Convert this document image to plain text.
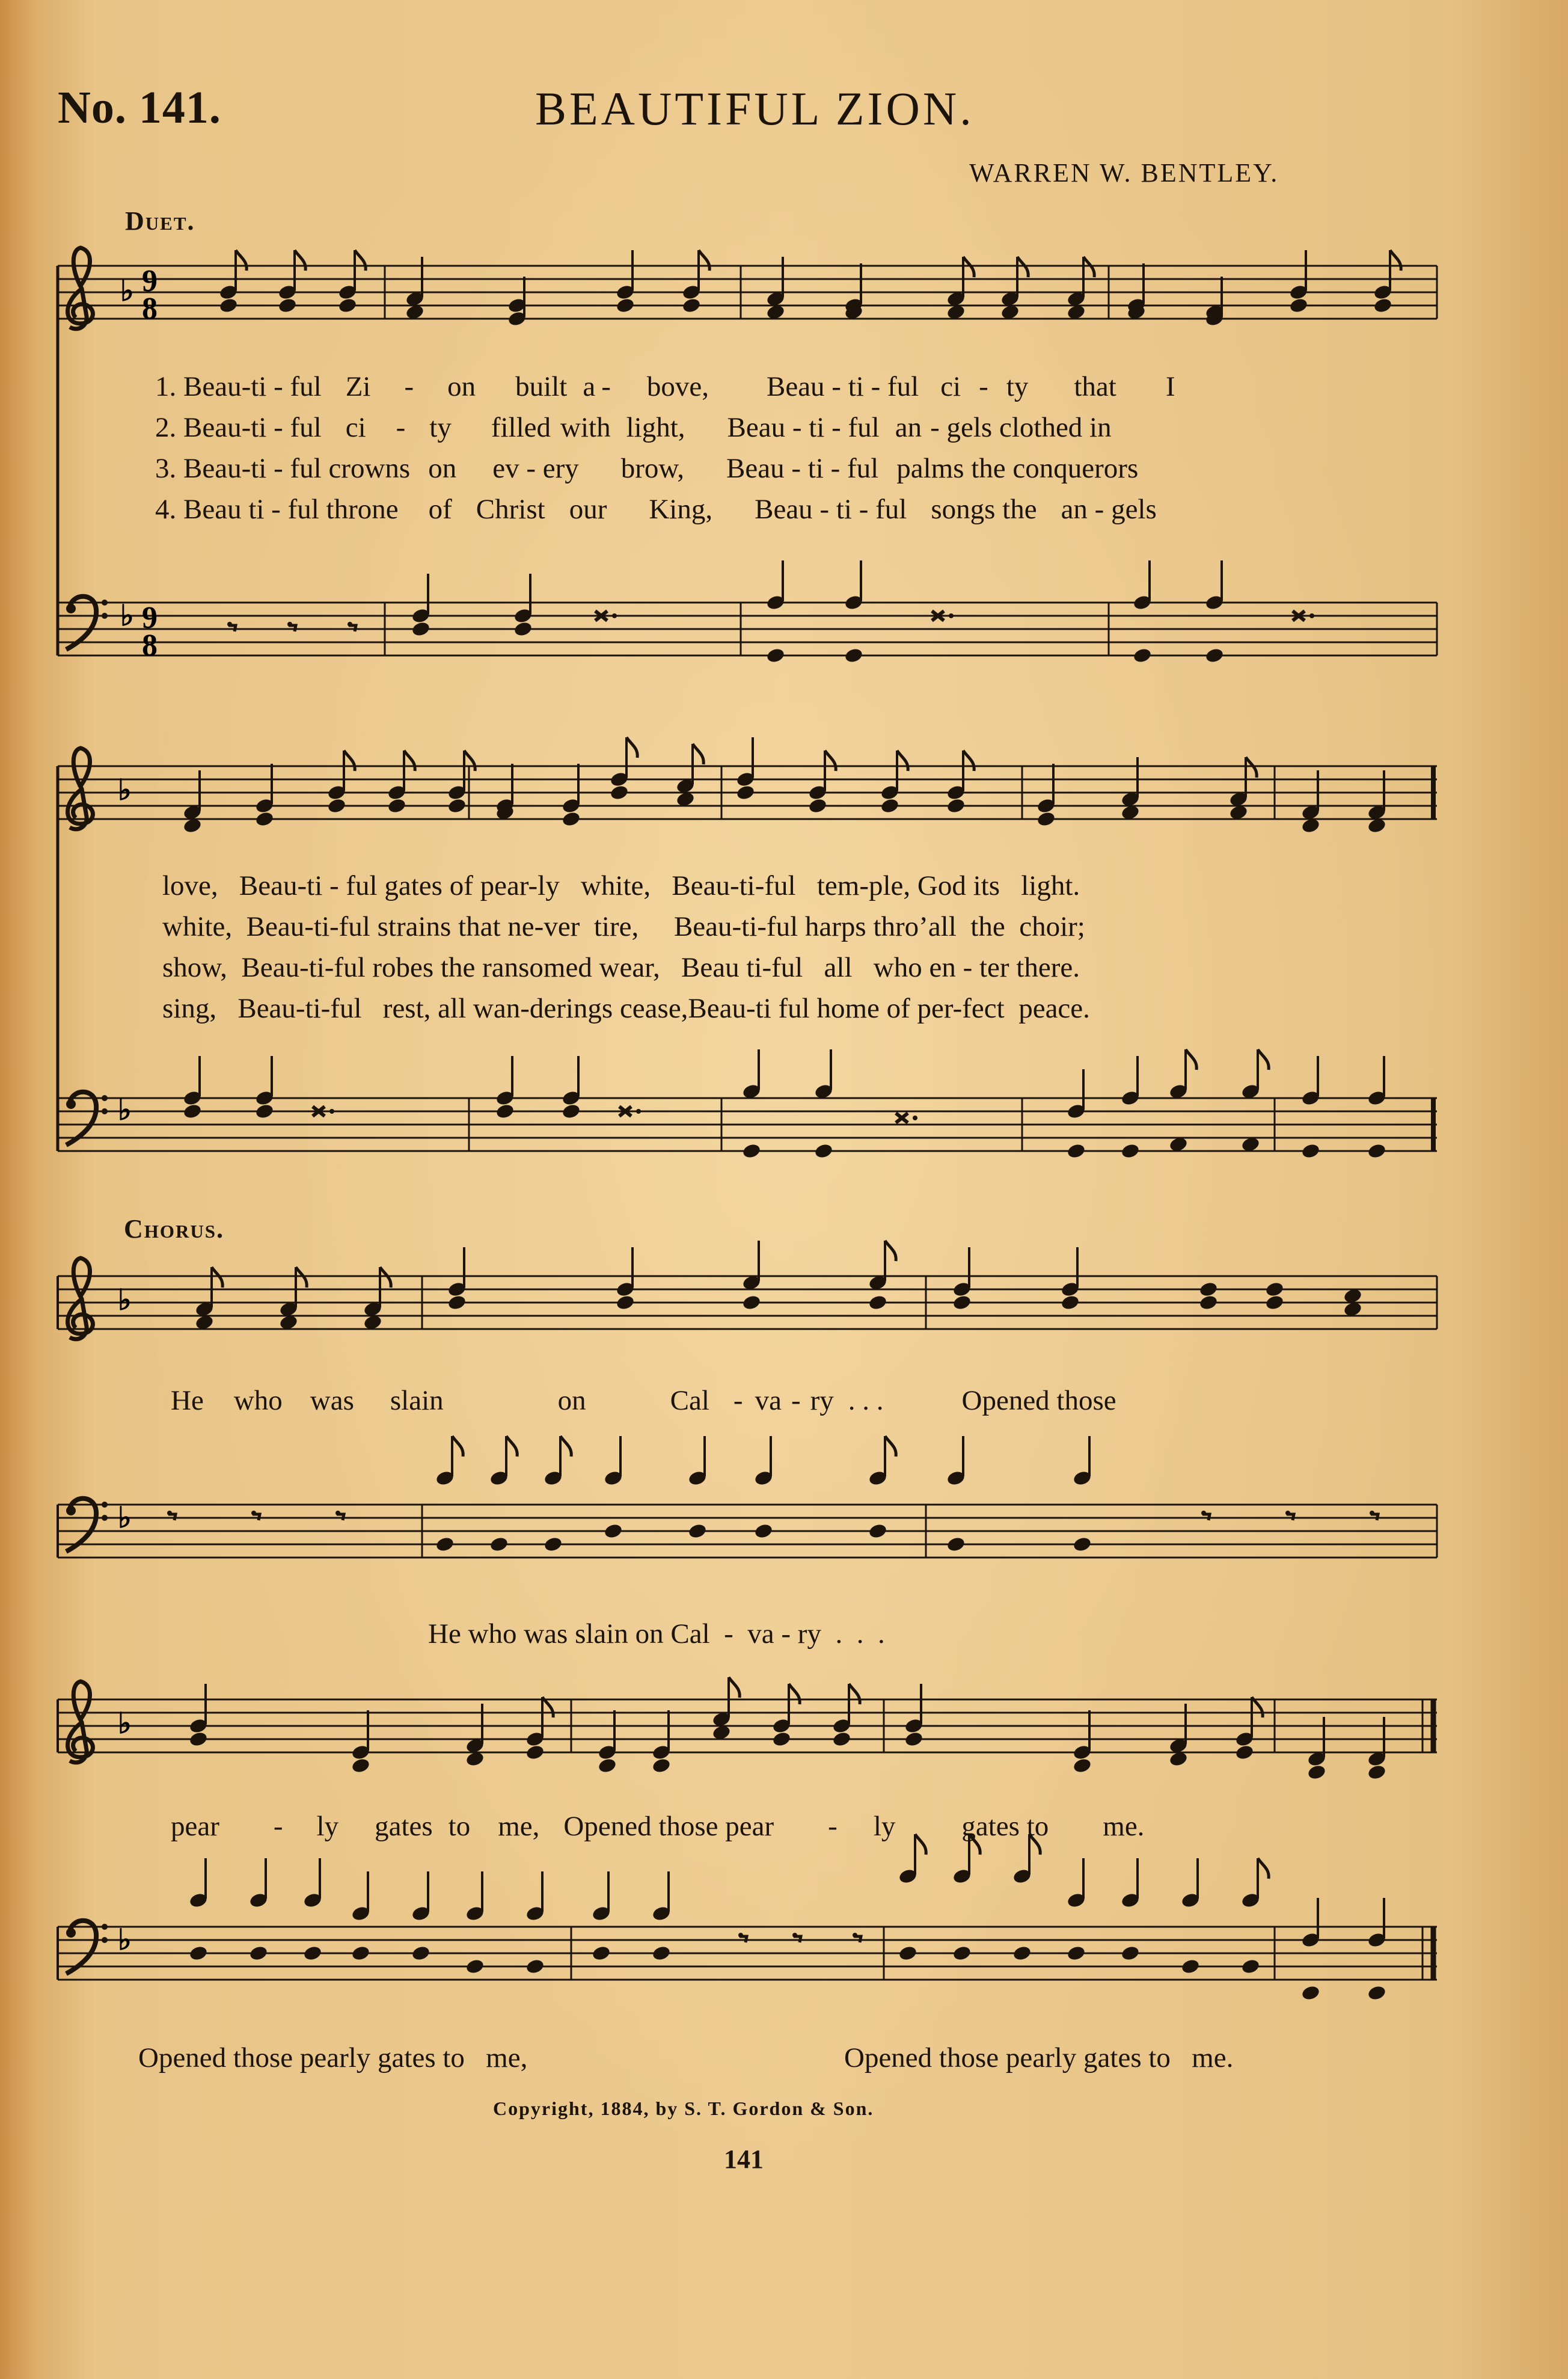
No. 141.	BEAUTIFUL ZION.
WARREN W. BENTLEY.
Duet.
Chorus.
♭
♭
9
8
9
8
♭
♭
♭
♭
♭
♭
1. Beau-ti - ful Zi - on built a - bove, Beau - ti - ful ci - ty that I
2. Beau-ti - ful ci - ty filled with light, Beau - ti - ful an - gels clothed in
3. Beau-ti - ful crowns on ev - ery brow, Beau - ti - ful palms the conquerors
4. Beau ti - ful throne of Christ our King, Beau - ti - ful songs the an - gels
love,   Beau-ti - ful gates of pear-ly   white,   Beau-ti-ful   tem-ple, God its   light.
white,  Beau-ti-ful strains that ne-ver  tire,     Beau-ti-ful harps thro’all  the  choir;
show,  Beau-ti-ful robes the ransomed wear,   Beau ti-ful   all   who en - ter there.
sing,   Beau-ti-ful   rest, all wan-derings cease,Beau-ti ful home of per-fect  peace.
He who was slain	on	Cal - va - ry . . .	Opened those
He who was slain on Cal  -  va - ry  .  .  .
pear - ly gates to me, Opened those pear - ly gates to me.
Opened those pearly gates to   me,	Opened those pearly gates to   me.
Copyright, 1884, by S. T. Gordon & Son.
141
